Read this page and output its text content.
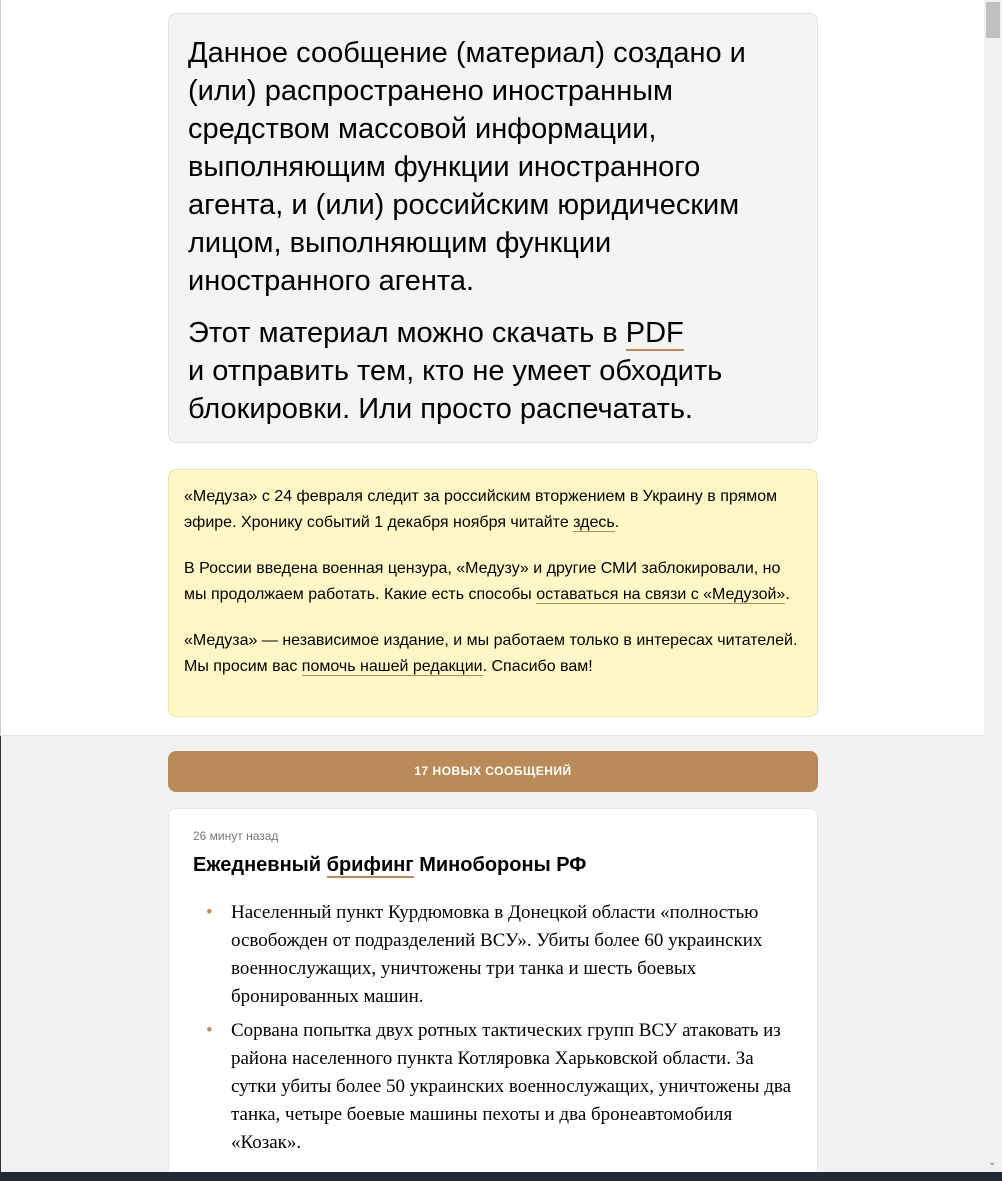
Данное сообщение (материал) создано и (или) распространено иностранным средством массовой информации, выполняющим функции иностранного агента, и (или) российским юридическим лицом, выполняющим функции иностранного агента.

Этот материал можно скачать в PDF
и отправить тем, кто не умеет обходить блокировки. Или просто распечатать.

«Медуза» с 24 февраля следит за российским вторжением в Украину в прямом эфире. Хронику событий 1 декабря ноября читайте здесь.

В России введена военная цензура, «Медузу» и другие СМИ заблокировали, но мы продолжаем работать. Какие есть способы оставаться на связи с «Медузой».

«Медуза» — независимое издание, и мы работаем только в интересах читателей. Мы просим вас помочь нашей редакции. Спасибо вам!

17 НОВЫХ СООБЩЕНИЙ
26 минут назад
Ежедневный брифинг Минобороны РФ
• Населенный пункт Курдюмовка в Донецкой области «полностью освобожден от подразделений ВСУ». Убиты более 60 украинских военнослужащих, уничтожены три танка и шесть боевых бронированных машин.
• Сорвана попытка двух ротных тактических групп ВСУ атаковать из района населенного пункта Котляровка Харьковской области. За сутки убиты более 50 украинских военнослужащих, уничтожены два танка, четыре боевые машины пехоты и два бронеавтомобиля «Козак».
⌄
